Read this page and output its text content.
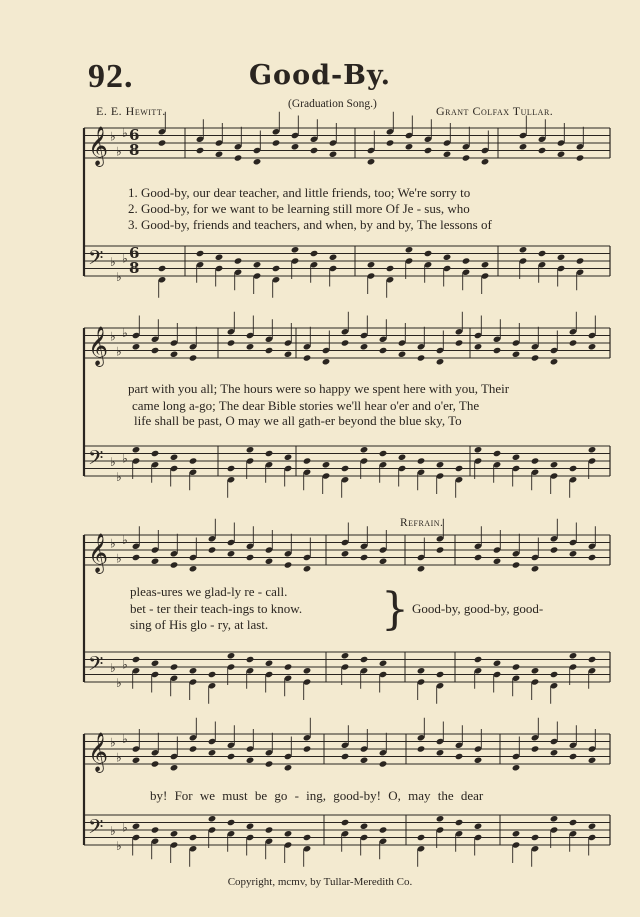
92.	Good-By.
E. E. Hewitt.	(Graduation Song.)	Grant Colfax Tullar.
𝄞 ♭
♭
♭
𝄢 ♭
♭
♭
𝄞 ♭
♭
♭
𝄢 ♭
♭
♭
𝄞 ♭
♭
♭
𝄢 ♭
♭
♭
𝄞 ♭
♭
♭
𝄢 ♭
♭
♭
6
8
6
8
}
1. Good-by, our dear teacher, and little friends, too; We're sorry to
2. Good-by, for we want to be learning still more Of Je - sus, who
3. Good-by, friends and teachers, and when, by and by, The lessons of
part with you all; The hours were so happy we spent here with you, Their
came long a-go; The dear Bible stories we'll hear o'er and o'er, The
life shall be past, O may we all gath-er beyond the blue sky, To
pleas-ures we glad-ly re - call.
bet - ter their teach-ings to know.
sing of His glo - ry, at last.
Good-by, good-by, good-
Refrain.
by! For we must be go - ing, good-by! O, may the dear
Copyright, mcmv, by Tullar-Meredith Co.
